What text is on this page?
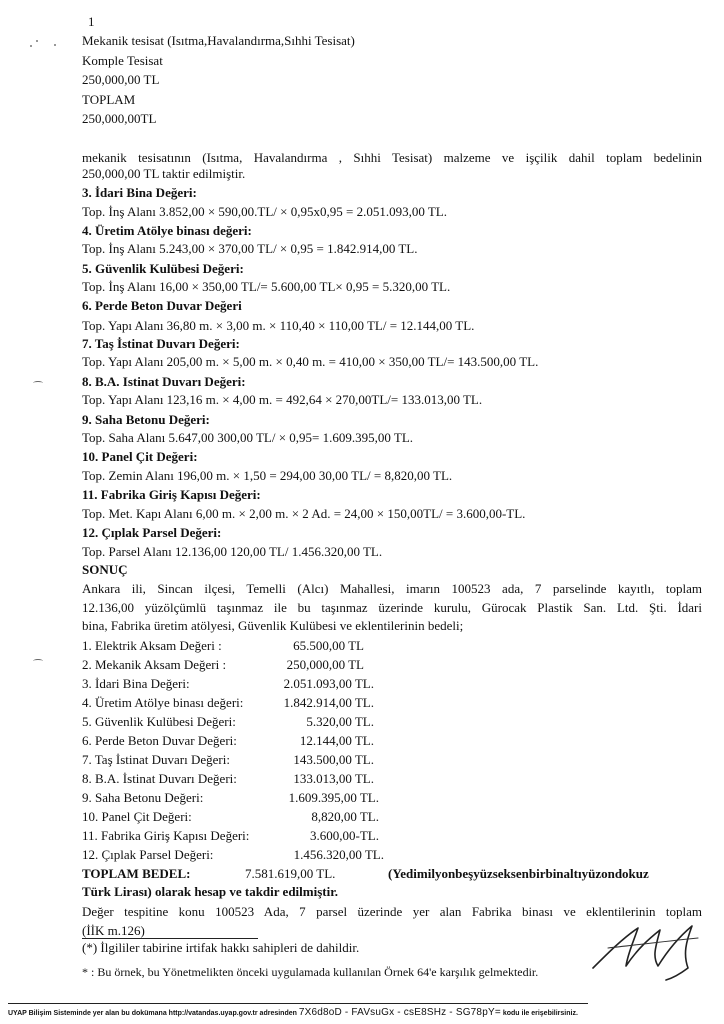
1
Mekanik tesisat (Isıtma,Havalandırma,Sıhhi Tesisat)
Komple Tesisat
250,000,00 TL
TOPLAM
250,000,00TL
mekanik tesisatının (Isıtma, Havalandırma , Sıhhi Tesisat) malzeme ve işçilik dahil toplam bedelinin
250,000,00 TL taktir edilmiştir.
3. İdari Bina Değeri:
Top. İnş Alanı 3.852,00 × 590,00.TL/ × 0,95x0,95 = 2.051.093,00 TL.
4. Üretim Atölye binası değeri:
Top. İnş Alanı 5.243,00 × 370,00 TL/ × 0,95 = 1.842.914,00 TL.
5. Güvenlik Kulübesi Değeri:
Top. İnş Alanı 16,00 × 350,00 TL/= 5.600,00 TL× 0,95 = 5.320,00 TL.
6. Perde Beton Duvar Değeri
Top. Yapı Alanı 36,80 m. × 3,00 m. × 110,40 × 110,00 TL/ = 12.144,00 TL.
7. Taş İstinat Duvarı Değeri:
Top. Yapı Alanı 205,00 m. × 5,00 m. × 0,40 m. = 410,00 × 350,00 TL/= 143.500,00 TL.
8. B.A. Istinat Duvarı Değeri:
Top. Yapı Alanı 123,16 m. × 4,00 m. = 492,64 × 270,00TL/= 133.013,00 TL.
9. Saha Betonu Değeri:
Top. Saha Alanı 5.647,00 300,00 TL/ × 0,95= 1.609.395,00 TL.
10. Panel Çit Değeri:
Top. Zemin Alanı 196,00 m. × 1,50 = 294,00 30,00 TL/ = 8,820,00 TL.
11. Fabrika Giriş Kapısı Değeri:
Top. Met. Kapı Alanı 6,00 m. × 2,00 m. × 2 Ad. = 24,00 × 150,00TL/ = 3.600,00-TL.
12. Çıplak Parsel Değeri:
Top. Parsel Alanı 12.136,00 120,00 TL/ 1.456.320,00 TL.
SONUÇ
Ankara ili, Sincan ilçesi, Temelli (Alcı) Mahallesi, imarın 100523 ada, 7 parselinde kayıtlı, toplam
12.136,00 yüzölçümlü taşınmaz ile bu taşınmaz üzerinde kurulu, Gürocak Plastik San. Ltd. Şti. İdari
bina, Fabrika üretim atölyesi, Güvenlik Kulübesi ve eklentilerinin bedeli;
1. Elektrik Aksam Değeri :	65.500,00 TL
2. Mekanik Aksam Değeri :	250,000,00 TL
3. İdari Bina Değeri:	2.051.093,00 TL.
4. Üretim Atölye binası değeri:	1.842.914,00 TL.
5. Güvenlik Kulübesi Değeri:	5.320,00 TL.
6. Perde Beton Duvar Değeri:	12.144,00 TL.
7. Taş İstinat Duvarı Değeri:	143.500,00 TL.
8. B.A. İstinat Duvarı Değeri:	133.013,00 TL.
9. Saha Betonu Değeri:	1.609.395,00 TL.
10. Panel Çit Değeri:	8,820,00 TL.
11. Fabrika Giriş Kapısı Değeri:	3.600,00-TL.
12. Çıplak Parsel Değeri:	1.456.320,00 TL.
TOPLAM BEDEL:	7.581.619,00 TL.	(Yedimilyonbeşyüzseksenbirbinaltıyüzondokuz
Türk Lirası) olarak hesap ve takdir edilmiştir.
Değer tespitine konu 100523 Ada, 7 parsel üzerinde yer alan Fabrika binası ve eklentilerinin toplam
(İİK m.126)
(*) İlgililer tabirine irtifak hakkı sahipleri de dahildir.
* : Bu örnek, bu Yönetmelikten önceki uygulamada kullanılan Örnek 64'e karşılık gelmektedir.
UYAP Bilişim Sisteminde yer alan bu dokümana http://vatandas.uyap.gov.tr adresinden 7X6d8oD - FAVsuGx - csE8SHz - SG78pY= kodu ile erişebilirsiniz.
